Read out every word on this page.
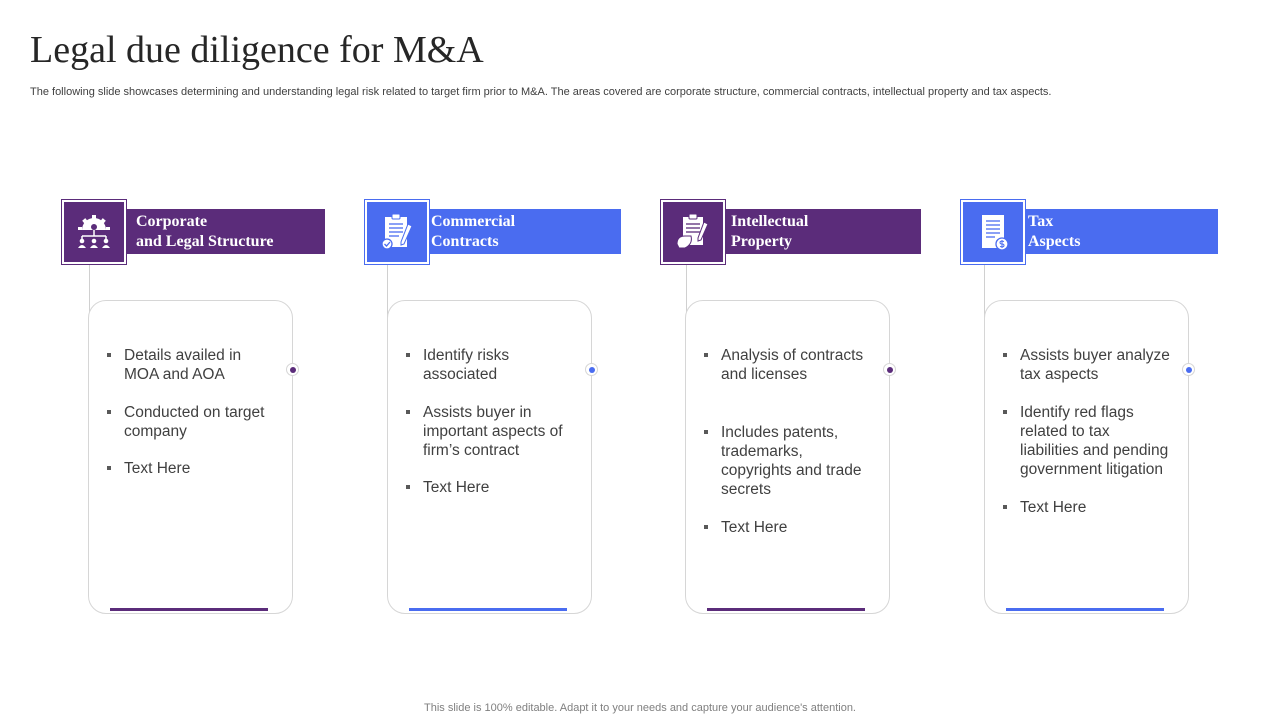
Legal due diligence for M&A
The following slide showcases determining and understanding legal risk related to target firm prior to M&A. The areas covered are corporate structure, commercial contracts, intellectual property and tax aspects.
Corporate
and Legal Structure
Details availed in MOA and AOA
Conducted on target company
Text Here
Commercial
Contracts
Identify risks associated
Assists buyer in important aspects of firm’s contract
Text Here
Intellectual
Property
Analysis of contracts and licenses
Includes patents, trademarks, copyrights and trade secrets
Text Here
Tax
Aspects
Assists buyer analyze tax aspects
Identify red flags related to tax liabilities and pending government litigation
Text Here
This slide is 100% editable. Adapt it to your needs and capture your audience's attention.
